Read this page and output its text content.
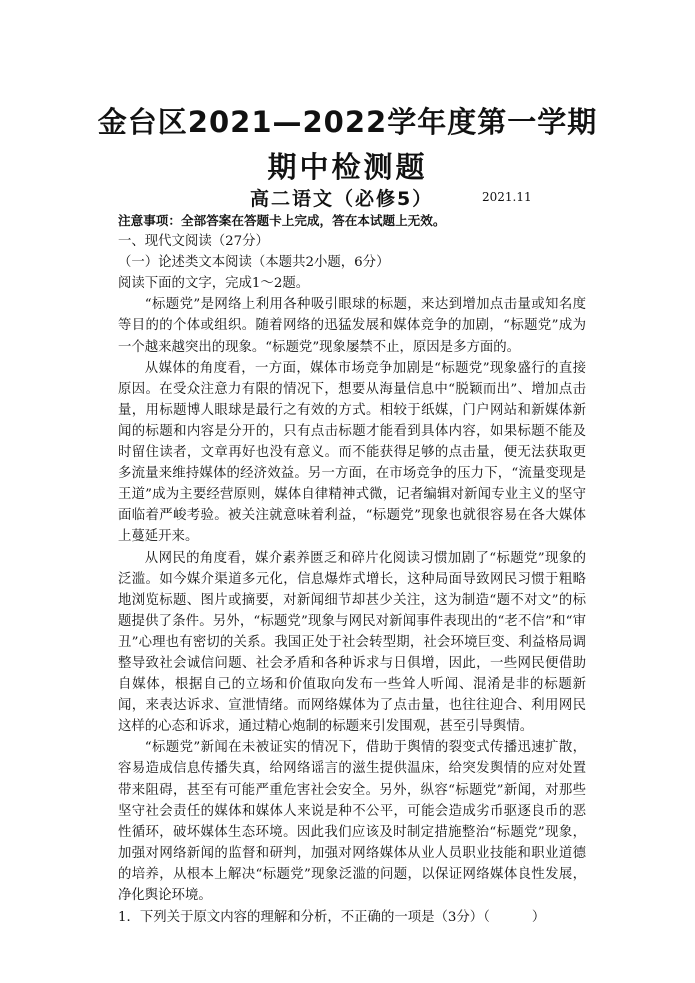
金台区2021—2022学年度第一学期
期中检测题
高二语文（必修5）	2021.11
注意事项：全部答案在答题卡上完成，答在本试题上无效。
一、现代文阅读（27分）
（一）论述类文本阅读（本题共2小题，6分）
阅读下面的文字，完成1～2题。

“标题党”是网络上利用各种吸引眼球的标题，来达到增加点击量或知名度等目的的个体或组织。随着网络的迅猛发展和媒体竞争的加剧，“标题党”成为一个越来越突出的现象。“标题党”现象屡禁不止，原因是多方面的。

从媒体的角度看，一方面，媒体市场竞争加剧是“标题党”现象盛行的直接原因。在受众注意力有限的情况下，想要从海量信息中“脱颖而出”、增加点击量，用标题博人眼球是最行之有效的方式。相较于纸媒，门户网站和新媒体新闻的标题和内容是分开的，只有点击标题才能看到具体内容，如果标题不能及时留住读者，文章再好也没有意义。而不能获得足够的点击量，便无法获取更多流量来维持媒体的经济效益。另一方面，在市场竞争的压力下，“流量变现是王道”成为主要经营原则，媒体自律精神式微，记者编辑对新闻专业主义的坚守面临着严峻考验。被关注就意味着利益，“标题党”现象也就很容易在各大媒体上蔓延开来。

从网民的角度看，媒介素养匮乏和碎片化阅读习惯加剧了“标题党”现象的泛滥。如今媒介渠道多元化，信息爆炸式增长，这种局面导致网民习惯于粗略地浏览标题、图片或摘要，对新闻细节却甚少关注，这为制造“题不对文”的标题提供了条件。另外，“标题党”现象与网民对新闻事件表现出的“老不信”和“审丑”心理也有密切的关系。我国正处于社会转型期，社会环境巨变、利益格局调整导致社会诚信问题、社会矛盾和各种诉求与日俱增，因此，一些网民便借助自媒体，根据自己的立场和价值取向发布一些耸人听闻、混淆是非的标题新闻，来表达诉求、宣泄情绪。而网络媒体为了点击量，也往往迎合、利用网民这样的心态和诉求，通过精心炮制的标题来引发围观，甚至引导舆情。

“标题党”新闻在未被证实的情况下，借助于舆情的裂变式传播迅速扩散，容易造成信息传播失真，给网络谣言的滋生提供温床，给突发舆情的应对处置带来阻碍，甚至有可能严重危害社会安全。另外，纵容“标题党”新闻，对那些坚守社会责任的媒体和媒体人来说是种不公平，可能会造成劣币驱逐良币的恶性循环，破坏媒体生态环境。因此我们应该及时制定措施整治“标题党”现象，加强对网络新闻的监督和研判，加强对网络媒体从业人员职业技能和职业道德的培养，从根本上解决“标题党”现象泛滥的问题，以保证网络媒体良性发展，净化舆论环境。

1．下列关于原文内容的理解和分析，不正确的一项是（3分）（	）
